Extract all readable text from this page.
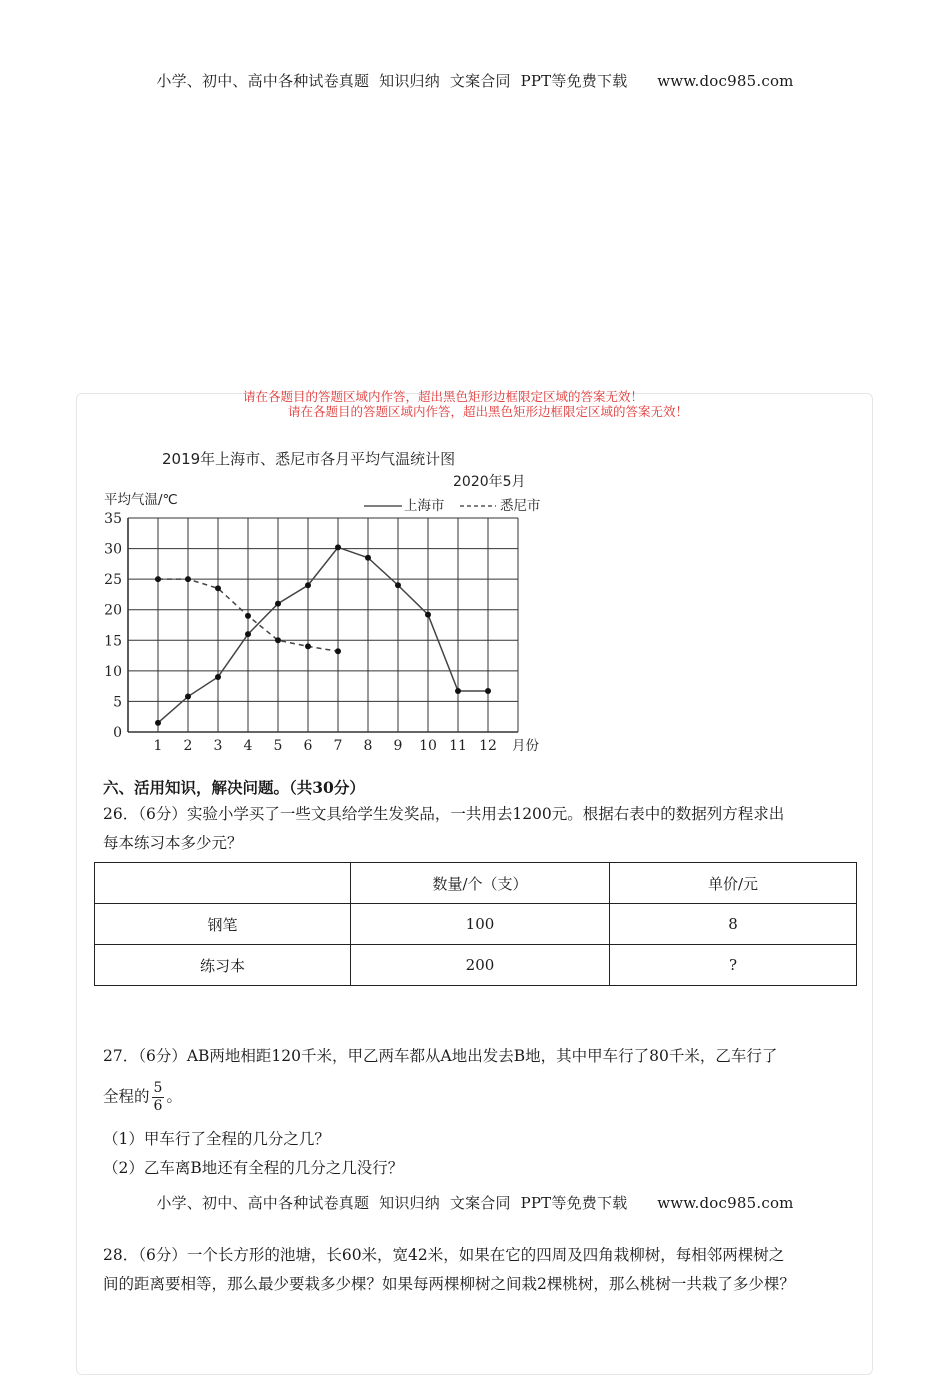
小学、初中、高中各种试卷真题  知识归纳  文案合同  PPT等免费下载      www.doc985.com
请在各题目的答题区域内作答，超出黑色矩形边框限定区域的答案无效！
请在各题目的答题区域内作答，超出黑色矩形边框限定区域的答案无效！
0
5
10
15
20
25
30
35
1 2 3 4 5 6 7 8 9 10 11 12
2019年上海市、悉尼市各月平均气温统计图
2020年5月
平均气温/℃
月份
上海市	悉尼市
六、活用知识，解决问题。（共30分）
26．（6分）实验小学买了一些文具给学生发奖品，一共用去1200元。根据右表中的数据列方程求出
每本练习本多少元？
	数量/个（支）	单价/元
钢笔	100	8
练习本	200	?
27．（6分）AB两地相距120千米，甲乙两车都从A地出发去B地，其中甲车行了80千米，乙车行了
全程的 $\frac{5}{6}$ 。
（1）甲车行了全程的几分之几？
（2）乙车离B地还有全程的几分之几没行？
小学、初中、高中各种试卷真题  知识归纳  文案合同  PPT等免费下载      www.doc985.com
28．（6分）一个长方形的池塘，长60米，宽42米，如果在它的四周及四角栽柳树，每相邻两棵树之
间的距离要相等，那么最少要栽多少棵？如果每两棵柳树之间栽2棵桃树，那么桃树一共栽了多少棵？
